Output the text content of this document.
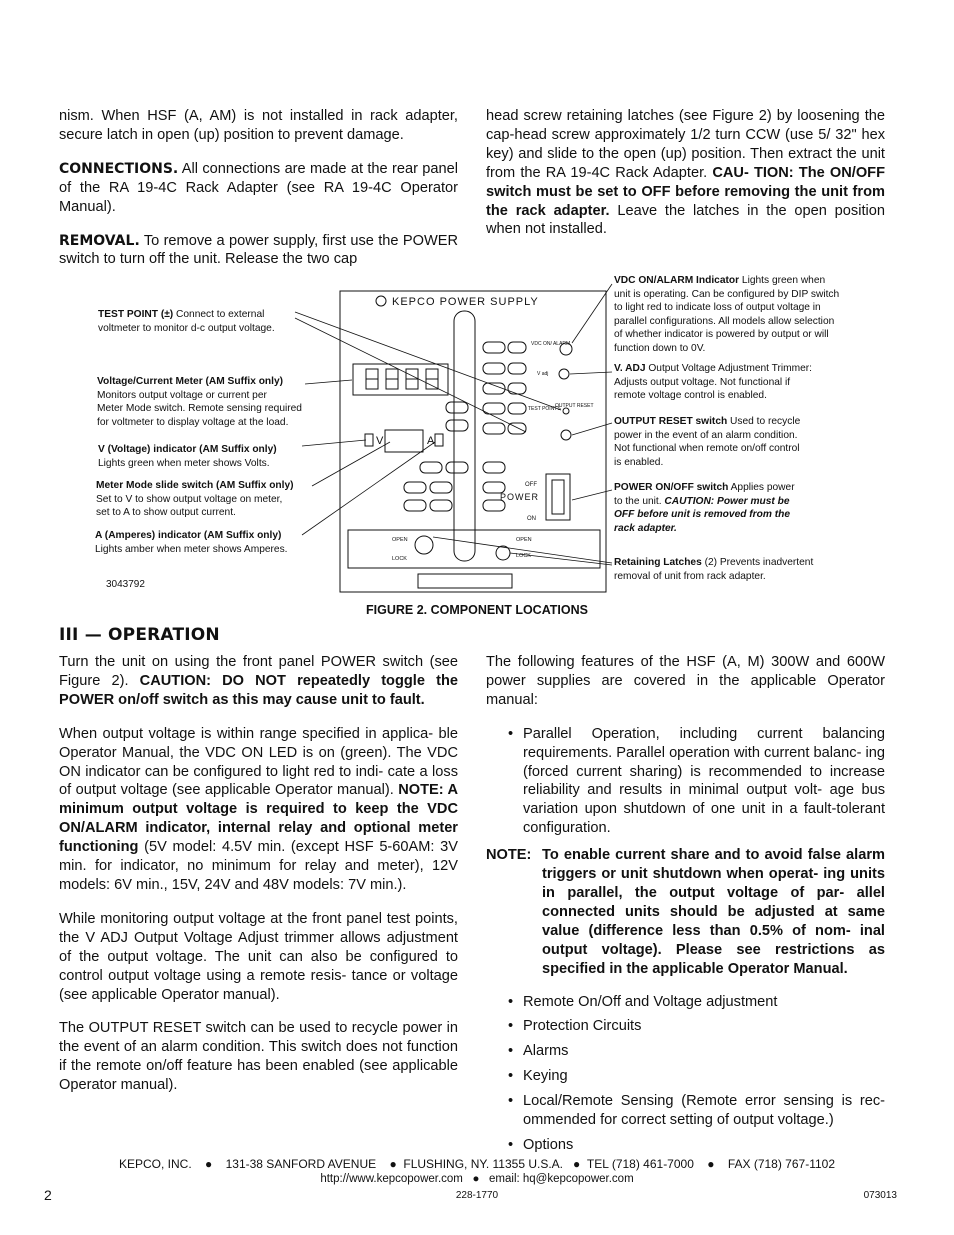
nism. When HSF (A, AM) is not installed in rack adapter, secure latch in open (up) position to prevent damage.

CONNECTIONS. All connections are made at the rear panel of the RA 19-4C Rack Adapter (see RA 19-4C Operator Manual).

REMOVAL. To remove a power supply, first use the POWER switch to turn off the unit. Release the two cap

head screw retaining latches (see Figure 2) by loosening the cap-head screw approximately 1/2 turn CCW (use 5/ 32" hex key) and slide to the open (up) position. Then extract the unit from the RA 19-4C Rack Adapter. CAU- TION: The ON/OFF switch must be set to OFF before removing the unit from the rack adapter. Leave the latches in the open position when not installed.

KEPCO POWER SUPPLY
VDC ON/ ALARM
V adj
TEST POINTS
OUTPUT RESET
V	A
OFF
POWER
ON
OPEN
LOCK
OPEN
LOCK
TEST POINT (±) Connect to external
voltmeter to monitor d-c output voltage.
Voltage/Current Meter (AM Suffix only)
Monitors output voltage or current per
Meter Mode switch. Remote sensing required
for voltmeter to display voltage at the load.
V (Voltage) indicator (AM Suffix only)
Lights green when meter shows Volts.
Meter Mode slide switch (AM Suffix only)
Set to V to show output voltage on meter,
set to A to show output current.
A (Amperes) indicator (AM Suffix only)
Lights amber when meter shows Amperes.
VDC ON/ALARM Indicator Lights green when
unit is operating. Can be configured by DIP switch
to light red to indicate loss of output voltage in
parallel configurations. All models allow selection
of whether indicator is powered by output or will
function down to 0V.
V. ADJ Output Voltage Adjustment Trimmer:
Adjusts output voltage. Not functional if
remote voltage control is enabled.
OUTPUT RESET switch Used to recycle
power in the event of an alarm condition.
Not functional when remote on/off control
is enabled.
POWER ON/OFF switch Applies power
to the unit. CAUTION: Power must be
OFF before unit is removed from the
rack adapter.
Retaining Latches (2) Prevents inadvertent
removal of unit from rack adapter.
3043792
FIGURE 2. COMPONENT LOCATIONS
III — OPERATION

Turn the unit on using the front panel POWER switch (see Figure 2). CAUTION: DO NOT repeatedly toggle the POWER on/off switch as this may cause unit to fault.

When output voltage is within range specified in applica- ble Operator Manual, the VDC ON LED is on (green). The VDC ON indicator can be configured to light red to indi- cate a loss of output voltage (see applicable Operator manual). NOTE: A minimum output voltage is required to keep the VDC ON/ALARM indicator, internal relay and optional meter functioning (5V model: 4.5V min. (except HSF 5-60AM: 3V min. for indicator, no minimum for relay and meter), 12V models: 6V min., 15V, 24V and 48V models: 7V min.).

While monitoring output voltage at the front panel test points, the V ADJ Output Voltage Adjust trimmer allows adjustment of the output voltage. The unit can also be configured to control output voltage using a remote resis- tance or voltage (see applicable Operator manual).

The OUTPUT RESET switch can be used to recycle power in the event of an alarm condition. This switch does not function if the remote on/off feature has been enabled (see applicable Operator manual).

The following features of the HSF (A, M) 300W and 600W power supplies are covered in the applicable Operator manual:

• Parallel Operation, including current balancing requirements. Parallel operation with current balanc- ing (forced current sharing) is recommended to increase reliability and results in minimal output volt- age bus variation upon shutdown of one unit in a fault-tolerant configuration.
NOTE: To enable current share and to avoid false alarm triggers or unit shutdown when operat- ing units in parallel, the output voltage of par- allel connected units should be adjusted at same value (difference less than 0.5% of nom- inal output voltage). Please see restrictions as specified in the applicable Operator Manual.
• Remote On/Off and Voltage adjustment
• Protection Circuits
• Alarms
• Keying
• Local/Remote Sensing (Remote error sensing is rec- ommended for correct setting of output voltage.)
• Options
KEPCO, INC.    ●    131-38 SANFORD AVENUE    ●  FLUSHING, NY. 11355 U.S.A.   ●  TEL (718) 461-7000    ●    FAX (718) 767-1102
http://www.kepcopower.com   ●   email: hq@kepcopower.com
228-1770
2	073013
